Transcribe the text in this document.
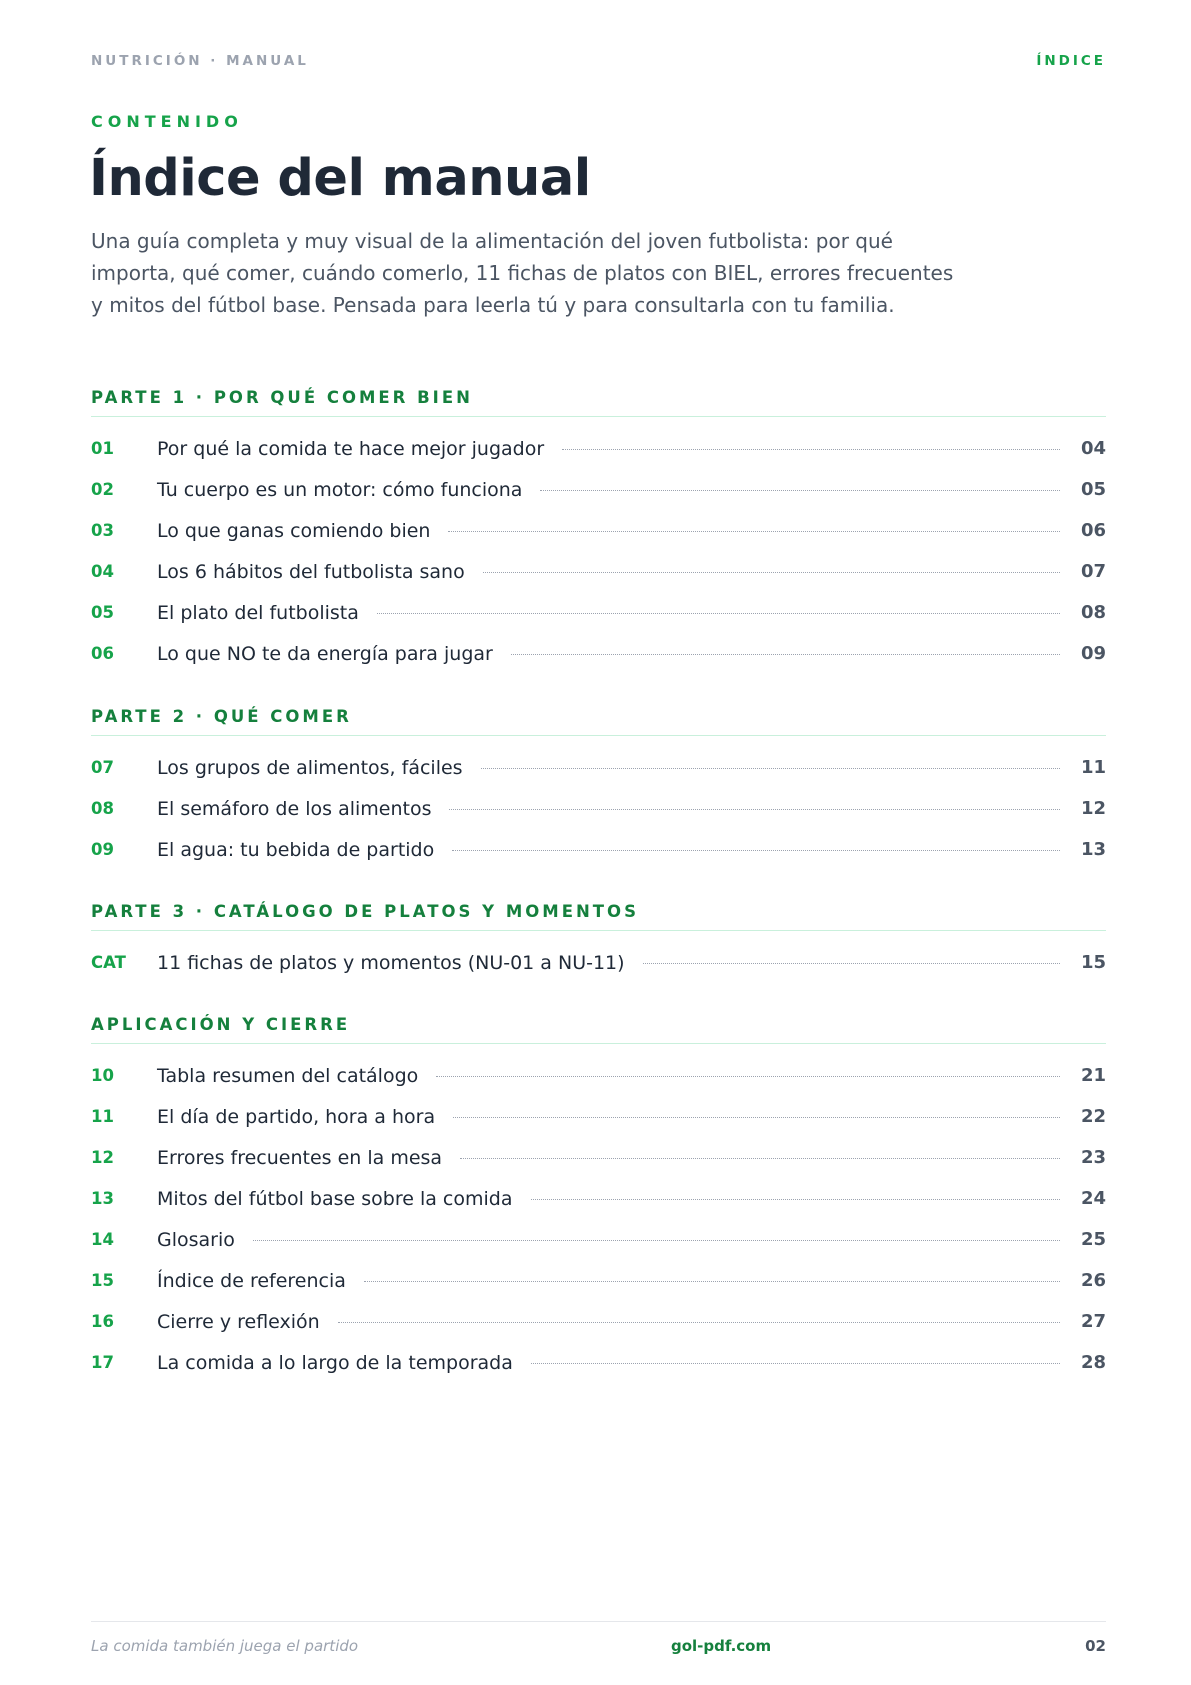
NUTRICIÓN · MANUAL	ÍNDICE
CONTENIDO
Índice del manual

Una guía completa y muy visual de la alimentación del joven futbolista: por qué importa, qué comer, cuándo comerlo, 11 fichas de platos con BIEL, errores frecuentes y mitos del fútbol base. Pensada para leerla tú y para consultarla con tu familia.

PARTE 1 · POR QUÉ COMER BIEN
01	Por qué la comida te hace mejor jugador	04
02	Tu cuerpo es un motor: cómo funciona	05
03	Lo que ganas comiendo bien	06
04	Los 6 hábitos del futbolista sano	07
05	El plato del futbolista	08
06	Lo que NO te da energía para jugar	09
PARTE 2 · QUÉ COMER
07	Los grupos de alimentos, fáciles	11
08	El semáforo de los alimentos	12
09	El agua: tu bebida de partido	13
PARTE 3 · CATÁLOGO DE PLATOS Y MOMENTOS
CAT	11 fichas de platos y momentos (NU-01 a NU-11)	15
APLICACIÓN Y CIERRE
10	Tabla resumen del catálogo	21
11	El día de partido, hora a hora	22
12	Errores frecuentes en la mesa	23
13	Mitos del fútbol base sobre la comida	24
14	Glosario	25
15	Índice de referencia	26
16	Cierre y reflexión	27
17	La comida a lo largo de la temporada	28
La comida también juega el partido	gol-pdf.com	02
